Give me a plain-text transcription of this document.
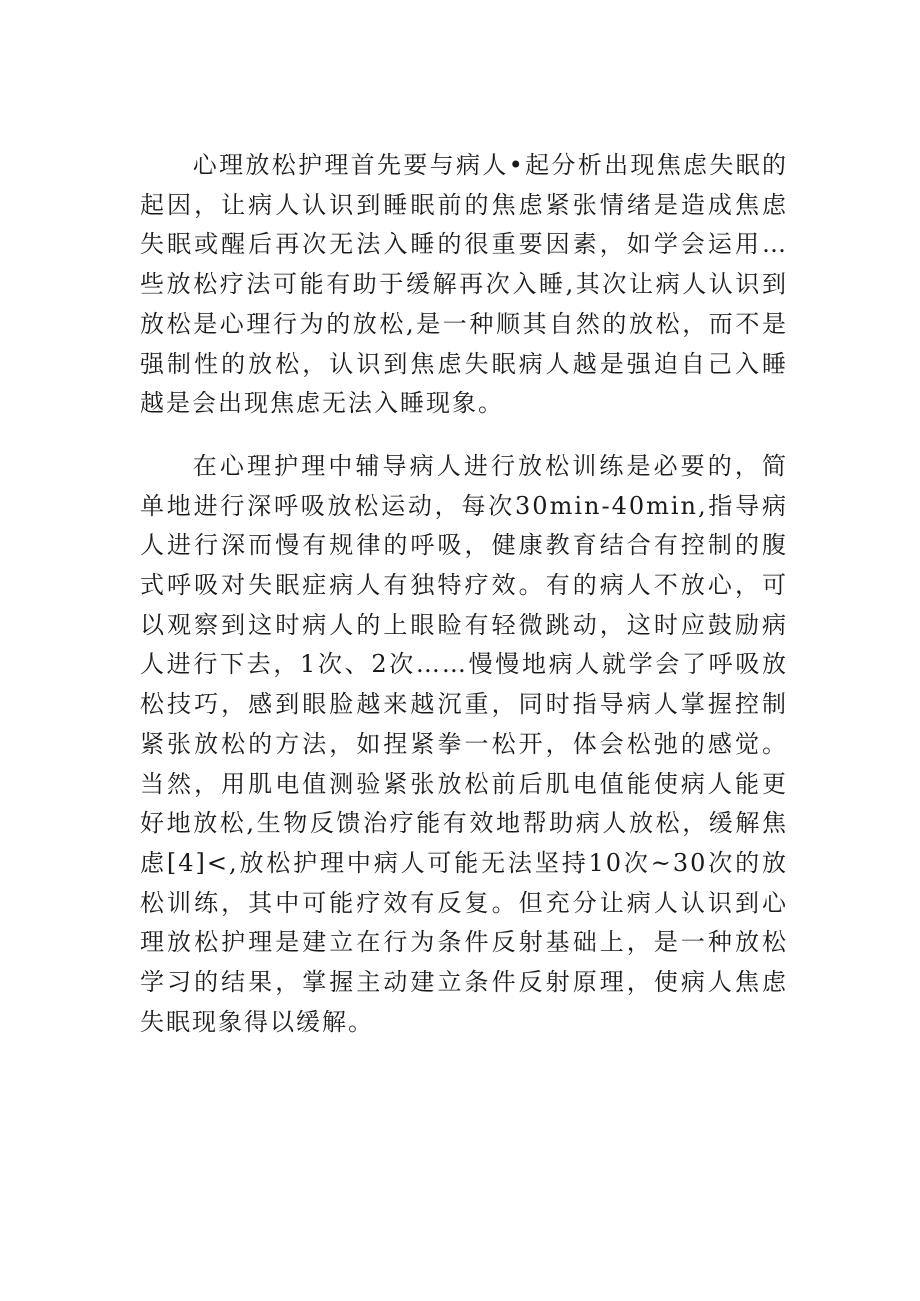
心理放松护理首先要与病人•起分析出现焦虑失眠的起因，让病人认识到睡眠前的焦虑紧张情绪是造成焦虑失眠或醒后再次无法入睡的很重要因素，如学会运用…些放松疗法可能有助于缓解再次入睡,其次让病人认识到放松是心理行为的放松,是一种顺其自然的放松，而不是强制性的放松，认识到焦虑失眠病人越是强迫自己入睡越是会出现焦虑无法入睡现象。

在心理护理中辅导病人进行放松训练是必要的，简单地进行深呼吸放松运动，每次30min-40min,指导病人进行深而慢有规律的呼吸，健康教育结合有控制的腹式呼吸对失眠症病人有独特疗效。有的病人不放心，可以观察到这时病人的上眼睑有轻微跳动，这时应鼓励病人进行下去，1次、2次……慢慢地病人就学会了呼吸放松技巧，感到眼脸越来越沉重，同时指导病人掌握控制紧张放松的方法，如捏紧拳一松开，体会松弛的感觉。当然，用肌电值测验紧张放松前后肌电值能使病人能更好地放松,生物反馈治疗能有效地帮助病人放松，缓解焦虑[4]<,放松护理中病人可能无法坚持10次~30次的放松训练，其中可能疗效有反复。但充分让病人认识到心理放松护理是建立在行为条件反射基础上，是一种放松学习的结果，掌握主动建立条件反射原理，使病人焦虑失眠现象得以缓解。
